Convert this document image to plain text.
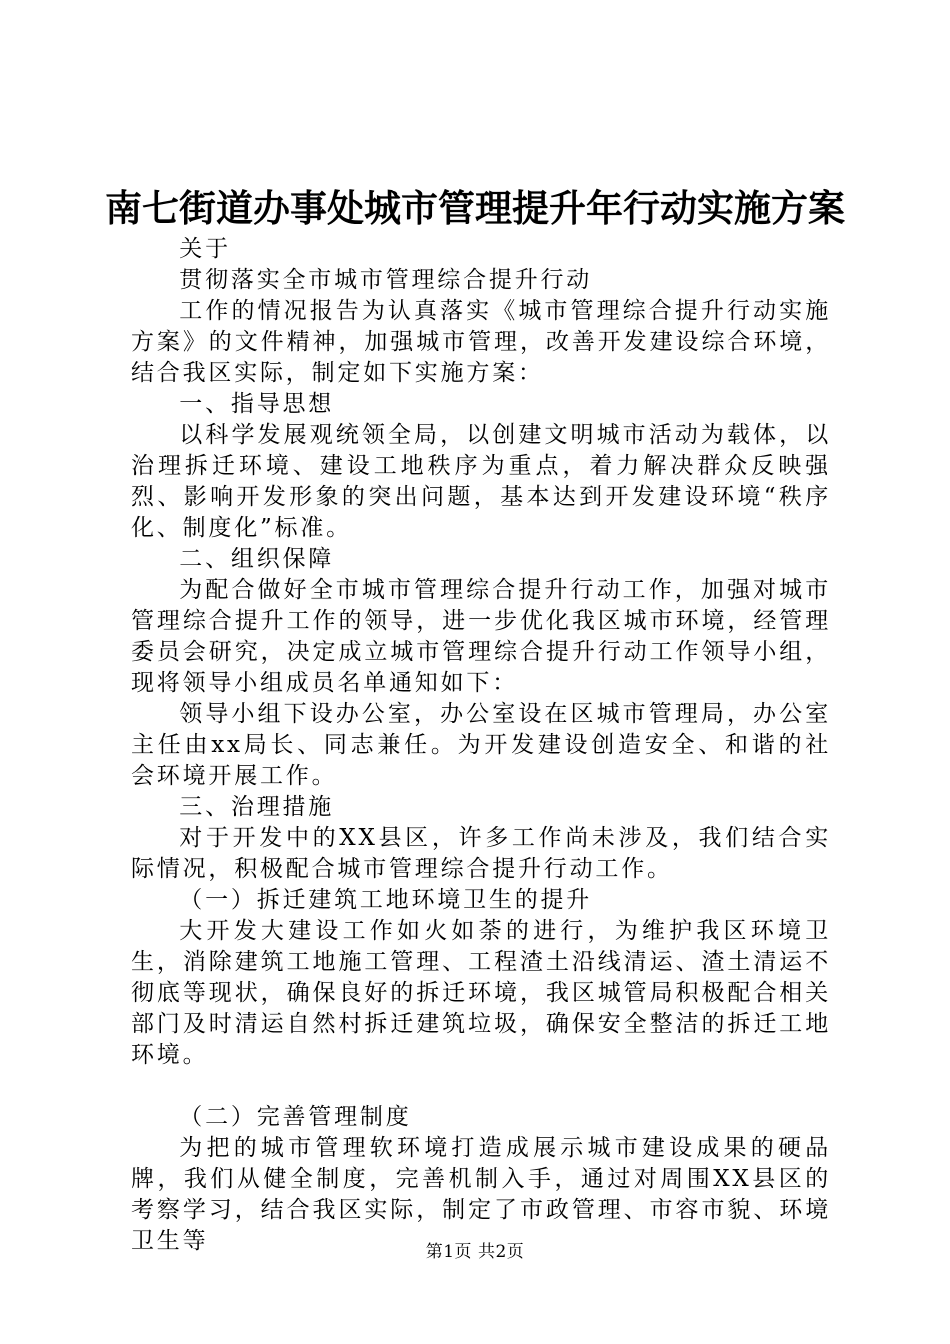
南七街道办事处城市管理提升年行动实施方案

关于

贯彻落实全市城市管理综合提升行动

工作的情况报告为认真落实《城市管理综合提升行动实施方案》的文件精神，加强城市管理，改善开发建设综合环境，结合我区实际，制定如下实施方案：

一、指导思想

以科学发展观统领全局，以创建文明城市活动为载体，以治理拆迁环境、建设工地秩序为重点，着力解决群众反映强烈、影响开发形象的突出问题，基本达到开发建设环境“秩序化、制度化”标准。

二、组织保障

为配合做好全市城市管理综合提升行动工作，加强对城市管理综合提升工作的领导，进一步优化我区城市环境，经管理委员会研究，决定成立城市管理综合提升行动工作领导小组，现将领导小组成员名单通知如下：

领导小组下设办公室，办公室设在区城市管理局，办公室主任由xx局长、同志兼任。为开发建设创造安全、和谐的社会环境开展工作。

三、治理措施

对于开发中的XX县区，许多工作尚未涉及，我们结合实际情况，积极配合城市管理综合提升行动工作。

（一）拆迁建筑工地环境卫生的提升

大开发大建设工作如火如荼的进行，为维护我区环境卫生，消除建筑工地施工管理、工程渣土沿线清运、渣土清运不彻底等现状，确保良好的拆迁环境，我区城管局积极配合相关部门及时清运自然村拆迁建筑垃圾，确保安全整洁的拆迁工地环境。

（二）完善管理制度

为把的城市管理软环境打造成展示城市建设成果的硬品牌，我们从健全制度，完善机制入手，通过对周围XX县区的考察学习，结合我区实际，制定了市政管理、市容市貌、环境卫生等	第1页 共2页
